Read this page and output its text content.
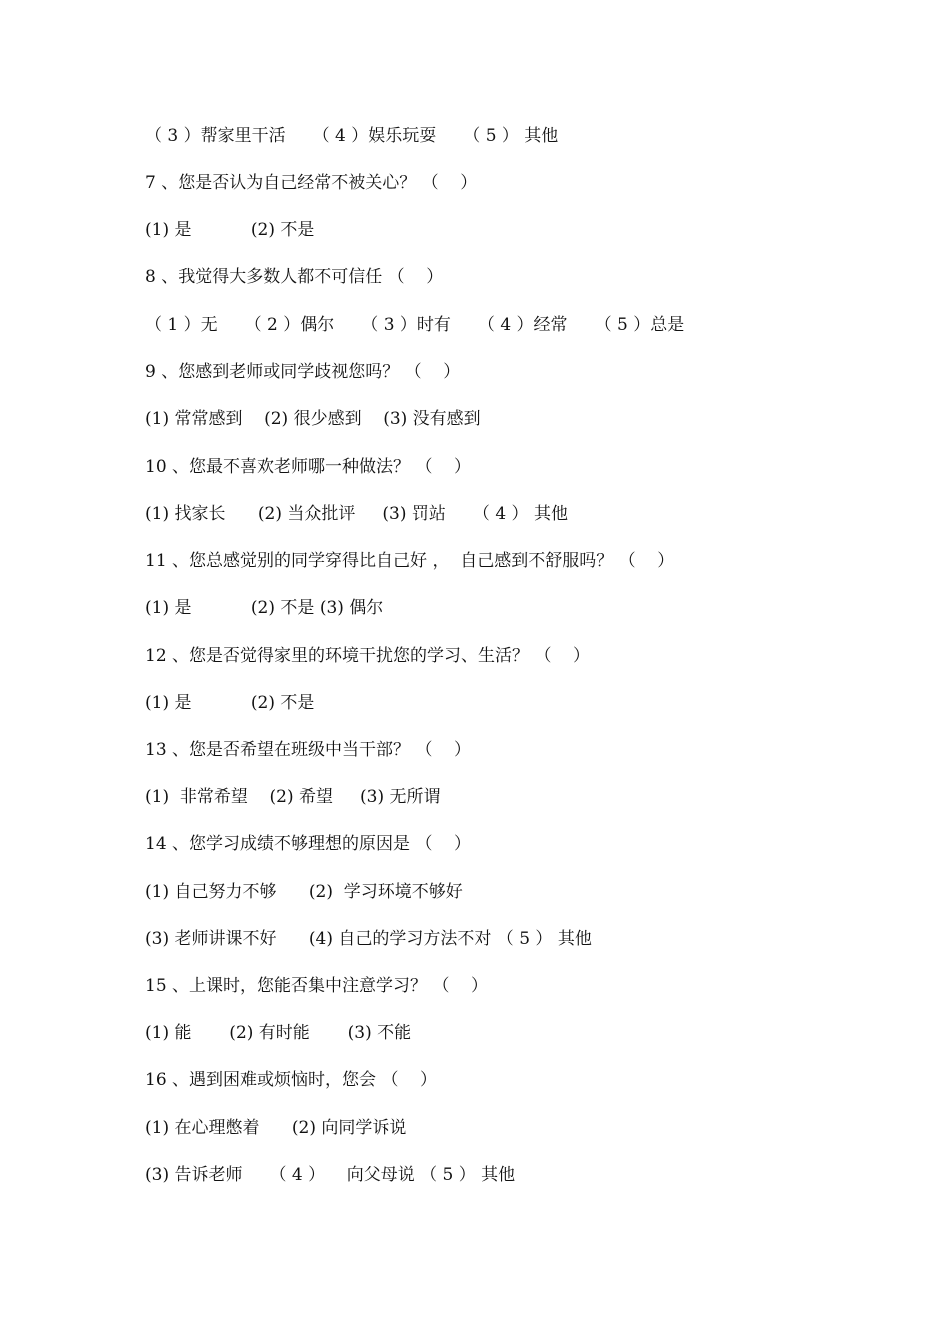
（ 3 ）帮家里干活     （ 4 ）娱乐玩耍     （ 5 ） 其他
7 、您是否认为自己经常不被关心？ （    ）
(1) 是           (2) 不是
8 、我觉得大多数人都不可信任 （    ）
（ 1 ）无     （ 2 ）偶尔     （ 3 ）时有     （ 4 ）经常     （ 5 ）总是
9 、您感到老师或同学歧视您吗？ （    ）
(1) 常常感到    (2) 很少感到    (3) 没有感到
10 、您最不喜欢老师哪一种做法？ （    ）
(1) 找家长      (2) 当众批评     (3) 罚站     （ 4 ） 其他
11 、您总感觉别的同学穿得比自己好 ，  自己感到不舒服吗？ （    ）
(1) 是           (2) 不是 (3) 偶尔
12 、您是否觉得家里的环境干扰您的学习、生活？ （    ）
(1) 是           (2) 不是
13 、您是否希望在班级中当干部？ （    ）
(1)  非常希望    (2) 希望     (3) 无所谓
14 、您学习成绩不够理想的原因是 （    ）
(1) 自己努力不够      (2)  学习环境不够好
(3) 老师讲课不好      (4) 自己的学习方法不对 （ 5 ） 其他
15 、上课时，您能否集中注意学习？ （    ）
(1) 能       (2) 有时能       (3) 不能
16 、遇到困难或烦恼时，您会 （    ）
(1) 在心理憋着      (2) 向同学诉说
(3) 告诉老师     （ 4 ）    向父母说 （ 5 ） 其他
